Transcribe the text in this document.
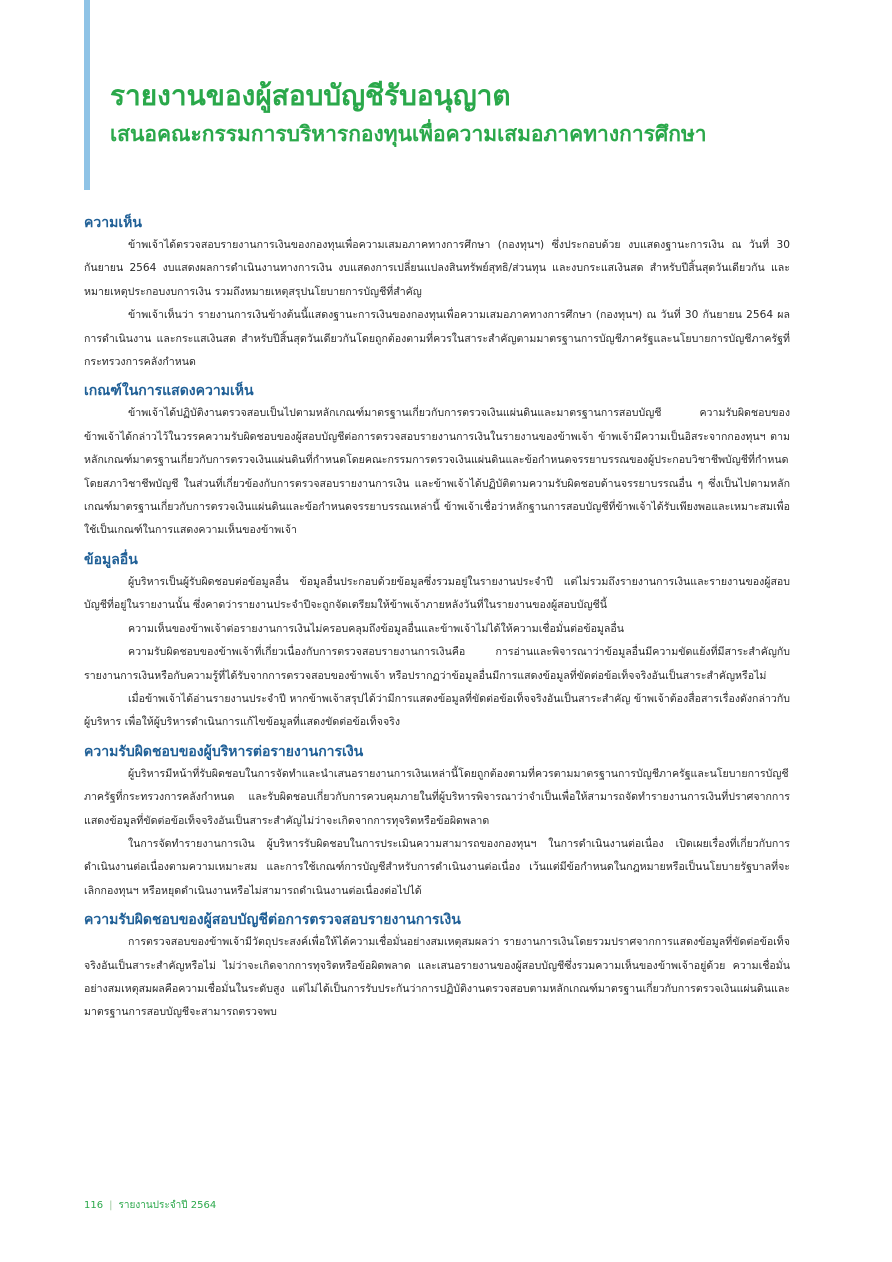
รายงานของผู้สอบบัญชีรับอนุญาต
เสนอคณะกรรมการบริหารกองทุนเพื่อความเสมอภาคทางการศึกษา
ความเห็น

ข้าพเจ้าได้ตรวจสอบรายงานการเงินของกองทุนเพื่อความเสมอภาคทางการศึกษา (กองทุนฯ) ซึ่งประกอบด้วย งบแสดงฐานะการเงิน ณ วันที่ 30 กันยายน 2564 งบแสดงผลการดำเนินงานทางการเงิน งบแสดงการเปลี่ยนแปลงสินทรัพย์สุทธิ/ส่วนทุน และงบกระแสเงินสด สำหรับปีสิ้นสุดวันเดียวกัน และหมายเหตุประกอบงบการเงิน รวมถึงหมายเหตุสรุปนโยบายการบัญชีที่สำคัญ

ข้าพเจ้าเห็นว่า รายงานการเงินข้างต้นนี้แสดงฐานะการเงินของกองทุนเพื่อความเสมอภาคทางการศึกษา (กองทุนฯ) ณ วันที่ 30 กันยายน 2564 ผลการดำเนินงาน และกระแสเงินสด สำหรับปีสิ้นสุดวันเดียวกันโดยถูกต้องตามที่ควรในสาระสำคัญตามมาตรฐานการบัญชีภาครัฐและนโยบายการบัญชีภาครัฐที่กระทรวงการคลังกำหนด

เกณฑ์ในการแสดงความเห็น

ข้าพเจ้าได้ปฏิบัติงานตรวจสอบเป็นไปตามหลักเกณฑ์มาตรฐานเกี่ยวกับการตรวจเงินแผ่นดินและมาตรฐานการสอบบัญชี ความรับผิดชอบของข้าพเจ้าได้กล่าวไว้ในวรรคความรับผิดชอบของผู้สอบบัญชีต่อการตรวจสอบรายงานการเงินในรายงานของข้าพเจ้า ข้าพเจ้ามีความเป็นอิสระจากกองทุนฯ ตามหลักเกณฑ์มาตรฐานเกี่ยวกับการตรวจเงินแผ่นดินที่กำหนดโดยคณะกรรมการตรวจเงินแผ่นดินและข้อกำหนดจรรยาบรรณของผู้ประกอบวิชาชีพบัญชีที่กำหนดโดยสภาวิชาชีพบัญชี ในส่วนที่เกี่ยวข้องกับการตรวจสอบรายงานการเงิน และข้าพเจ้าได้ปฏิบัติตามความรับผิดชอบด้านจรรยาบรรณอื่น ๆ ซึ่งเป็นไปตามหลักเกณฑ์มาตรฐานเกี่ยวกับการตรวจเงินแผ่นดินและข้อกำหนดจรรยาบรรณเหล่านี้ ข้าพเจ้าเชื่อว่าหลักฐานการสอบบัญชีที่ข้าพเจ้าได้รับเพียงพอและเหมาะสมเพื่อใช้เป็นเกณฑ์ในการแสดงความเห็นของข้าพเจ้า

ข้อมูลอื่น

ผู้บริหารเป็นผู้รับผิดชอบต่อข้อมูลอื่น ข้อมูลอื่นประกอบด้วยข้อมูลซึ่งรวมอยู่ในรายงานประจำปี แต่ไม่รวมถึงรายงานการเงินและรายงานของผู้สอบบัญชีที่อยู่ในรายงานนั้น ซึ่งคาดว่ารายงานประจำปีจะถูกจัดเตรียมให้ข้าพเจ้าภายหลังวันที่ในรายงานของผู้สอบบัญชีนี้

ความเห็นของข้าพเจ้าต่อรายงานการเงินไม่ครอบคลุมถึงข้อมูลอื่นและข้าพเจ้าไม่ได้ให้ความเชื่อมั่นต่อข้อมูลอื่น

ความรับผิดชอบของข้าพเจ้าที่เกี่ยวเนื่องกับการตรวจสอบรายงานการเงินคือ การอ่านและพิจารณาว่าข้อมูลอื่นมีความขัดแย้งที่มีสาระสำคัญกับรายงานการเงินหรือกับความรู้ที่ได้รับจากการตรวจสอบของข้าพเจ้า หรือปรากฏว่าข้อมูลอื่นมีการแสดงข้อมูลที่ขัดต่อข้อเท็จจริงอันเป็นสาระสำคัญหรือไม่

เมื่อข้าพเจ้าได้อ่านรายงานประจำปี หากข้าพเจ้าสรุปได้ว่ามีการแสดงข้อมูลที่ขัดต่อข้อเท็จจริงอันเป็นสาระสำคัญ ข้าพเจ้าต้องสื่อสารเรื่องดังกล่าวกับผู้บริหาร เพื่อให้ผู้บริหารดำเนินการแก้ไขข้อมูลที่แสดงขัดต่อข้อเท็จจริง

ความรับผิดชอบของผู้บริหารต่อรายงานการเงิน

ผู้บริหารมีหน้าที่รับผิดชอบในการจัดทำและนำเสนอรายงานการเงินเหล่านี้โดยถูกต้องตามที่ควรตามมาตรฐานการบัญชีภาครัฐและนโยบายการบัญชีภาครัฐที่กระทรวงการคลังกำหนด และรับผิดชอบเกี่ยวกับการควบคุมภายในที่ผู้บริหารพิจารณาว่าจำเป็นเพื่อให้สามารถจัดทำรายงานการเงินที่ปราศจากการแสดงข้อมูลที่ขัดต่อข้อเท็จจริงอันเป็นสาระสำคัญไม่ว่าจะเกิดจากการทุจริตหรือข้อผิดพลาด

ในการจัดทำรายงานการเงิน ผู้บริหารรับผิดชอบในการประเมินความสามารถของกองทุนฯ ในการดำเนินงานต่อเนื่อง เปิดเผยเรื่องที่เกี่ยวกับการดำเนินงานต่อเนื่องตามความเหมาะสม และการใช้เกณฑ์การบัญชีสำหรับการดำเนินงานต่อเนื่อง เว้นแต่มีข้อกำหนดในกฎหมายหรือเป็นนโยบายรัฐบาลที่จะเลิกกองทุนฯ หรือหยุดดำเนินงานหรือไม่สามารถดำเนินงานต่อเนื่องต่อไปได้

ความรับผิดชอบของผู้สอบบัญชีต่อการตรวจสอบรายงานการเงิน

การตรวจสอบของข้าพเจ้ามีวัตถุประสงค์เพื่อให้ได้ความเชื่อมั่นอย่างสมเหตุสมผลว่า รายงานการเงินโดยรวมปราศจากการแสดงข้อมูลที่ขัดต่อข้อเท็จจริงอันเป็นสาระสำคัญหรือไม่ ไม่ว่าจะเกิดจากการทุจริตหรือข้อผิดพลาด และเสนอรายงานของผู้สอบบัญชีซึ่งรวมความเห็นของข้าพเจ้าอยู่ด้วย ความเชื่อมั่นอย่างสมเหตุสมผลคือความเชื่อมั่นในระดับสูง แต่ไม่ได้เป็นการรับประกันว่าการปฏิบัติงานตรวจสอบตามหลักเกณฑ์มาตรฐานเกี่ยวกับการตรวจเงินแผ่นดินและมาตรฐานการสอบบัญชีจะสามารถตรวจพบ

116 | รายงานประจำปี 2564
